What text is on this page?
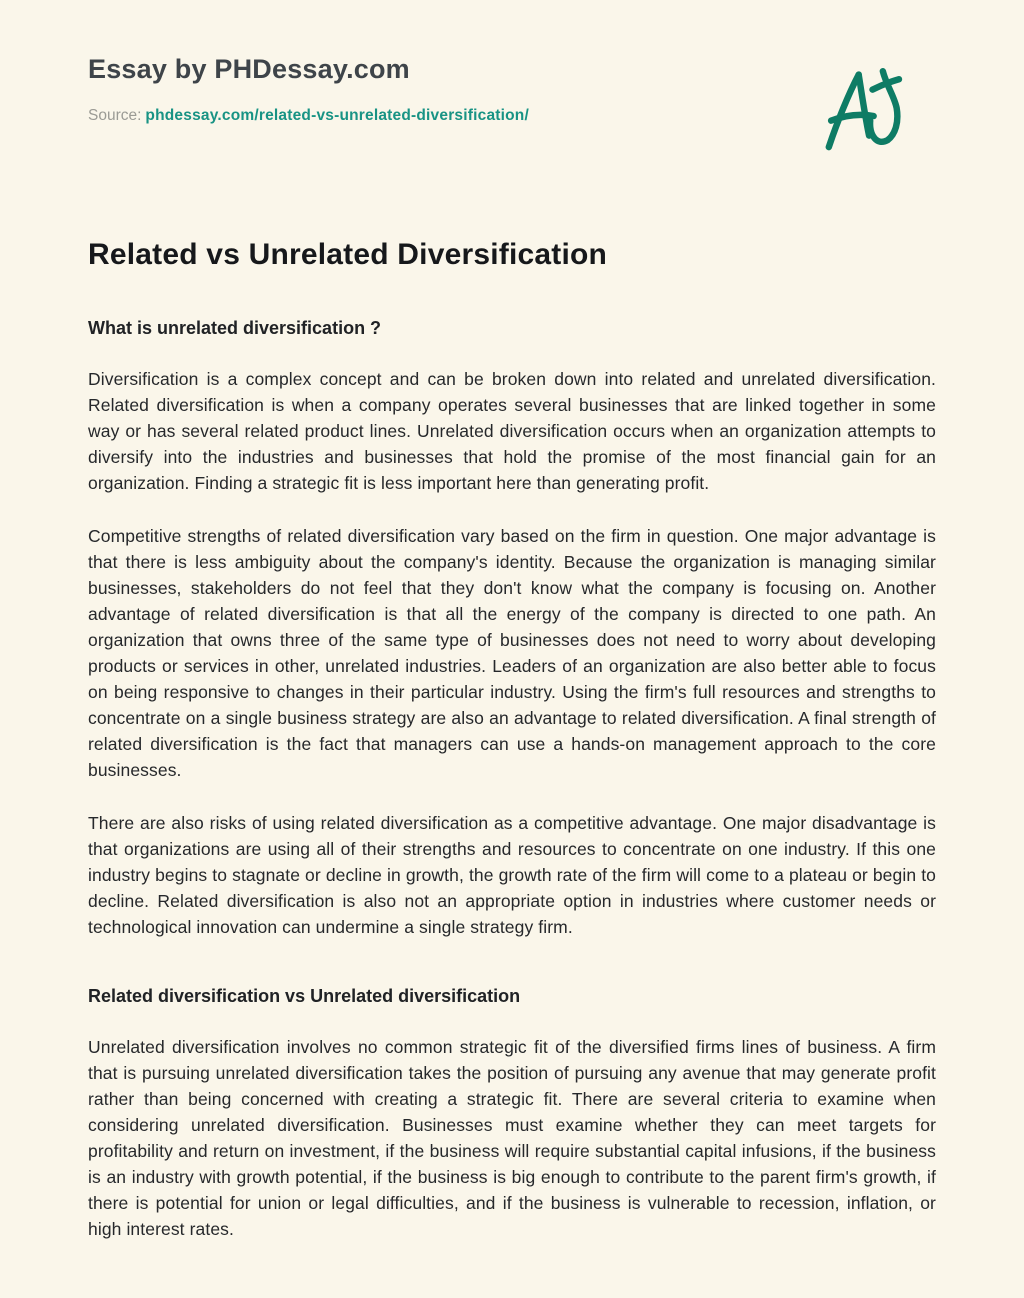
Essay by PHDessay.com
Source: phdessay.com/related-vs-unrelated-diversification/
Related vs Unrelated Diversification
What is unrelated diversification ?

Diversification is a complex concept and can be broken down into related and unrelated diversification. Related diversification is when a company operates several businesses that are linked together in some way or has several related product lines. Unrelated diversification occurs when an organization attempts to diversify into the industries and businesses that hold the promise of the most financial gain for an organization. Finding a strategic fit is less important here than generating profit.

Competitive strengths of related diversification vary based on the firm in question. One major advantage is that there is less ambiguity about the company's identity. Because the organization is managing similar businesses, stakeholders do not feel that they don't know what the company is focusing on. Another advantage of related diversification is that all the energy of the company is directed to one path. An organization that owns three of the same type of businesses does not need to worry about developing products or services in other, unrelated industries. Leaders of an organization are also better able to focus on being responsive to changes in their particular industry. Using the firm's full resources and strengths to concentrate on a single business strategy are also an advantage to related diversification. A final strength of related diversification is the fact that managers can use a hands-on management approach to the core businesses.

There are also risks of using related diversification as a competitive advantage. One major disadvantage is that organizations are using all of their strengths and resources to concentrate on one industry. If this one industry begins to stagnate or decline in growth, the growth rate of the firm will come to a plateau or begin to decline. Related diversification is also not an appropriate option in industries where customer needs or technological innovation can undermine a single strategy firm.

Related diversification vs Unrelated diversification

Unrelated diversification involves no common strategic fit of the diversified firms lines of business. A firm that is pursuing unrelated diversification takes the position of pursuing any avenue that may generate profit rather than being concerned with creating a strategic fit. There are several criteria to examine when considering unrelated diversification. Businesses must examine whether they can meet targets for profitability and return on investment, if the business will require substantial capital infusions, if the business is an industry with growth potential, if the business is big enough to contribute to the parent firm's growth, if there is potential for union or legal difficulties, and if the business is vulnerable to recession, inflation, or high interest rates.
